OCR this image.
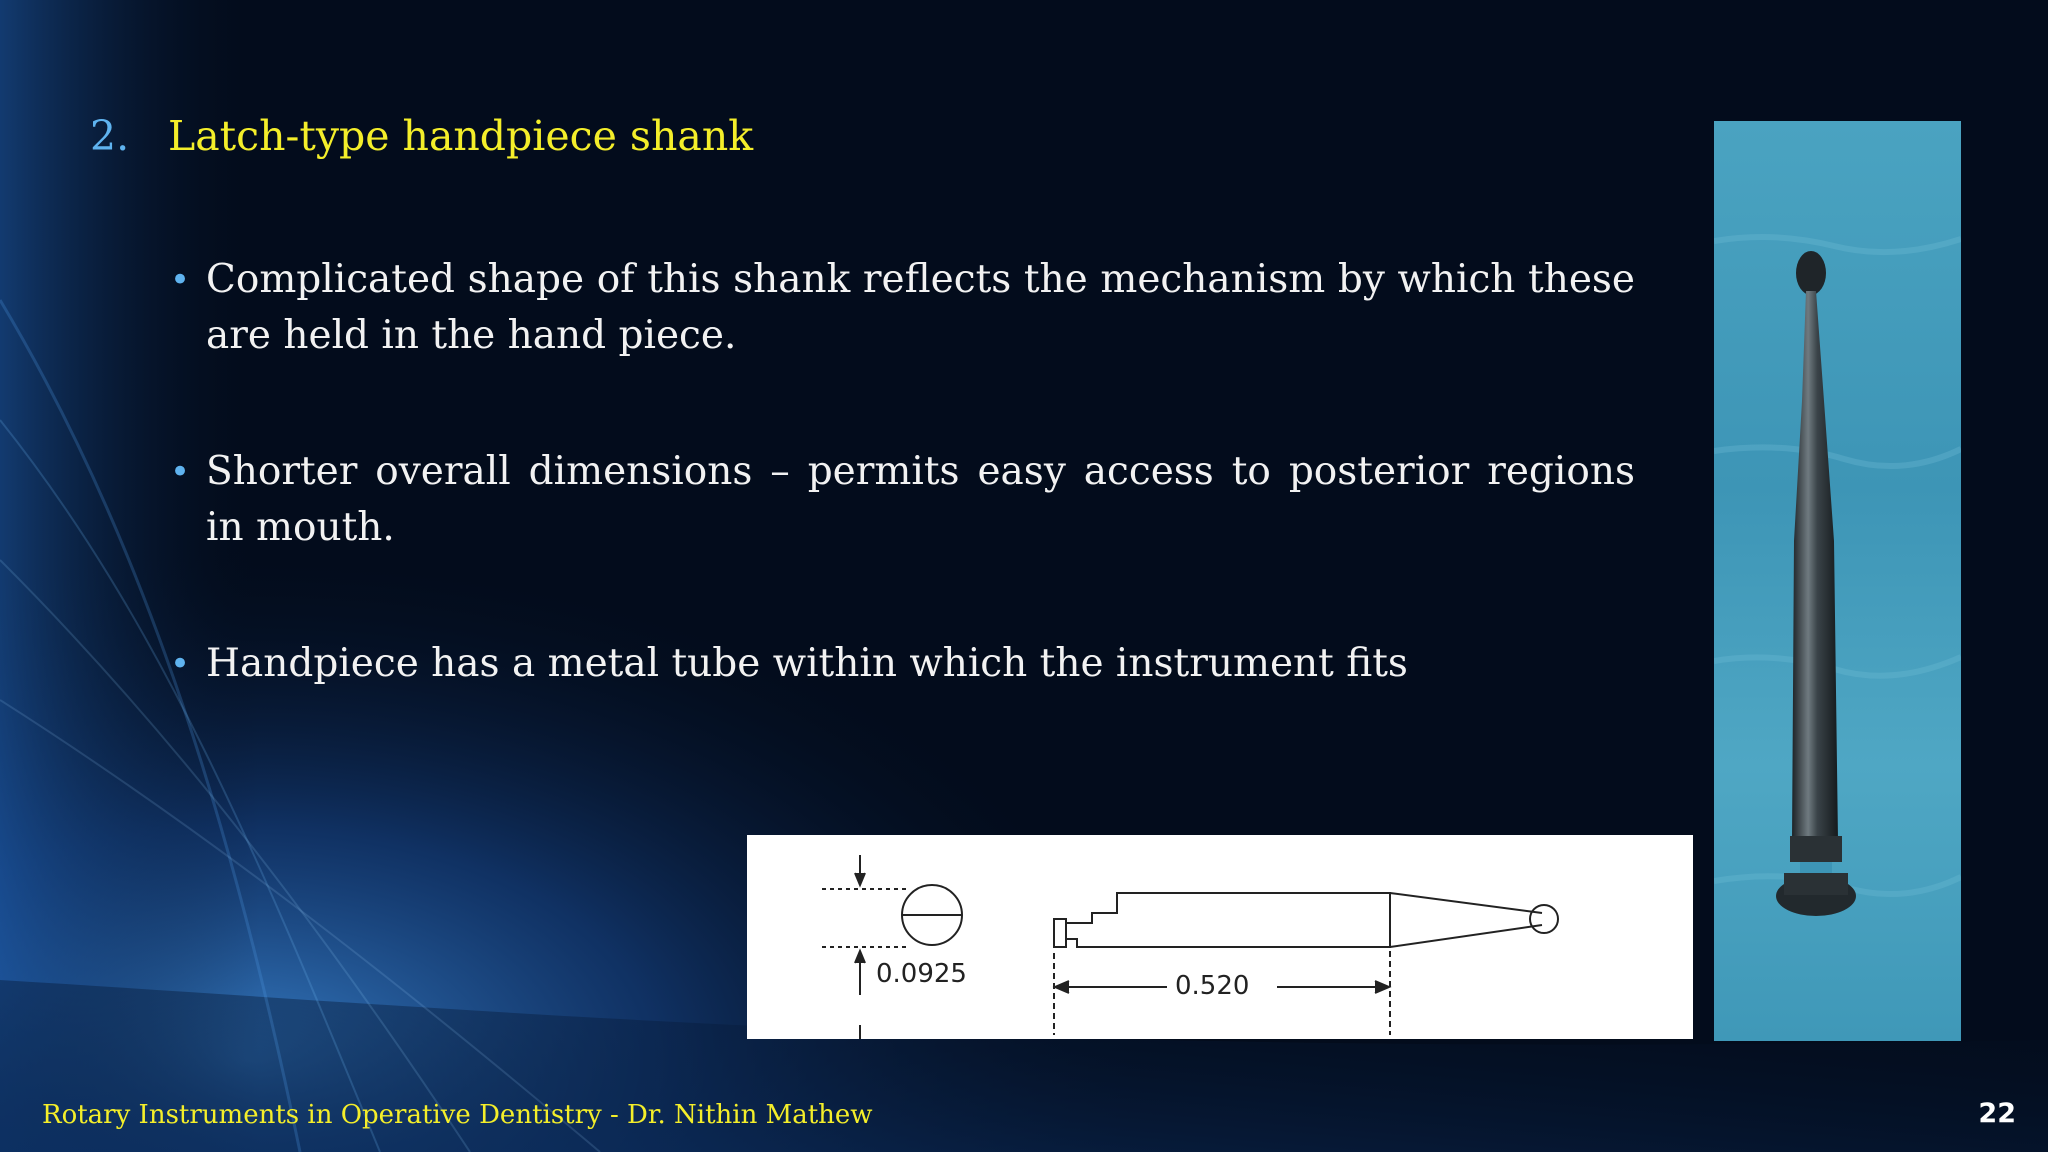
2. Latch-type handpiece shank
• Complicated shape of this shank reflects the mechanism by which these are held in the hand piece.
• Shorter overall dimensions – permits easy access to posterior regions in mouth.
• Handpiece has a metal tube within which the instrument fits
0.0925	0.520
Rotary Instruments in Operative Dentistry - Dr. Nithin Mathew	22
